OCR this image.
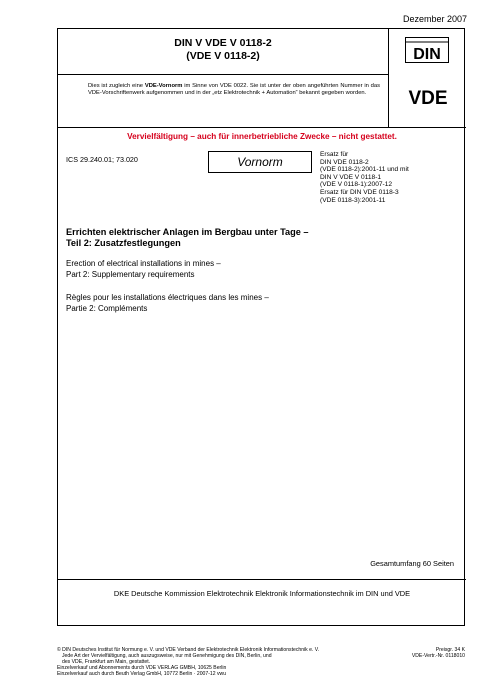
Dezember 2007
DIN V VDE V 0118-2
(VDE V 0118-2)	DIN
VDE
Dies ist zugleich eine VDE-Vornorm im Sinne von VDE 0022. Sie ist unter der oben angeführten Nummer in das VDE-Vorschriftenwerk aufgenommen und in der „etz Elektrotechnik + Automation“ bekannt gegeben worden.
Vervielfältigung – auch für innerbetriebliche Zwecke – nicht gestattet.
ICS 29.240.01; 73.020	Vornorm
Ersatz für
DIN VDE 0118-2
(VDE 0118-2):2001-11 und mit
DIN V VDE V 0118-1
(VDE V 0118-1):2007-12
Ersatz für DIN VDE 0118-3
(VDE 0118-3):2001-11
Errichten elektrischer Anlagen im Bergbau unter Tage –
Teil 2: Zusatzfestlegungen
Erection of electrical installations in mines –
Part 2: Supplementary requirements
Règles pour les installations électriques dans les mines –
Partie 2: Compléments
Gesamtumfang 60 Seiten
DKE Deutsche Kommission Elektrotechnik Elektronik Informationstechnik im DIN und VDE
© DIN Deutsches Institut für Normung e. V. und VDE Verband der Elektrotechnik Elektronik Informationstechnik e. V.
Jede Art der Vervielfältigung, auch auszugsweise, nur mit Genehmigung des DIN, Berlin, und
des VDE, Frankfurt am Main, gestattet.
Einzelverkauf und Abonnements durch VDE VERLAG GMBH, 10625 Berlin
Einzelverkauf auch durch Beuth Verlag GmbH, 10772 Berlin · 2007-12 vwu
Preisgr. 34 K
VDE-Vertr.-Nr. 0118010
